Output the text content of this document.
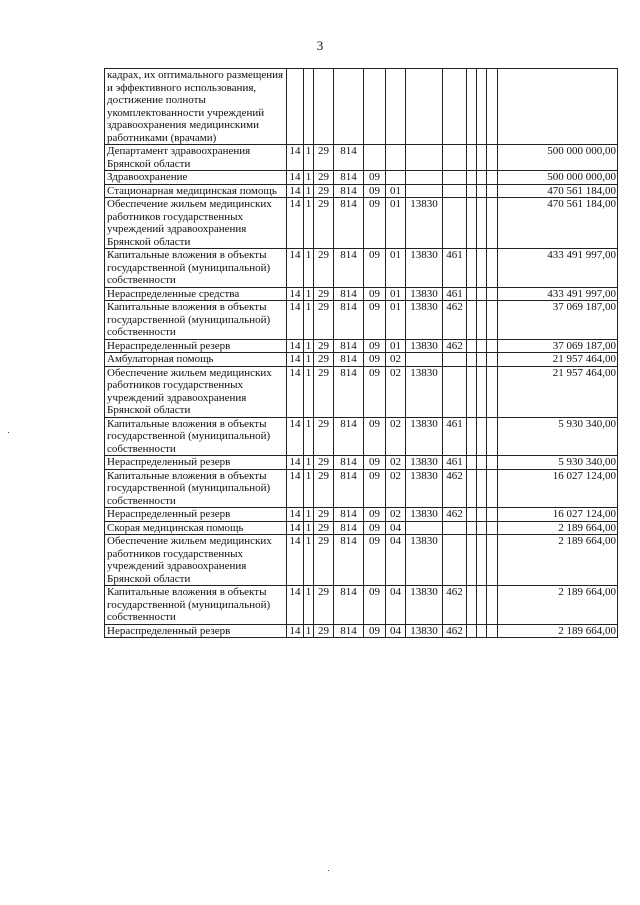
3
кадрах, их оптимального размещения и эффективного использования, достижение полноты укомплектованности учреждений здравоохранения медицинскими работниками (врачами)												
Департамент здравоохранения Брянской области	14	1	29	814								500 000 000,00
Здравоохранение	14	1	29	814	09							500 000 000,00
Стационарная медицинская помощь	14	1	29	814	09	01						470 561 184,00
Обеспечение жильем медицинских работников государственных учреждений здравоохранения Брянской области	14	1	29	814	09	01	13830					470 561 184,00
Капитальные вложения в объекты государственной (муниципальной) собственности	14	1	29	814	09	01	13830	461				433 491 997,00
Нераспределенные средства	14	1	29	814	09	01	13830	461				433 491 997,00
Капитальные вложения в объекты государственной (муниципальной) собственности	14	1	29	814	09	01	13830	462				37 069 187,00
Нераспределенный резерв	14	1	29	814	09	01	13830	462				37 069 187,00
Амбулаторная помощь	14	1	29	814	09	02						21 957 464,00
Обеспечение жильем медицинских работников государственных учреждений здравоохранения Брянской области	14	1	29	814	09	02	13830					21 957 464,00
Капитальные вложения в объекты государственной (муниципальной) собственности	14	1	29	814	09	02	13830	461				5 930 340,00
Нераспределенный резерв	14	1	29	814	09	02	13830	461				5 930 340,00
Капитальные вложения в объекты государственной (муниципальной) собственности	14	1	29	814	09	02	13830	462				16 027 124,00
Нераспределенный резерв	14	1	29	814	09	02	13830	462				16 027 124,00
Скорая медицинская помощь	14	1	29	814	09	04						2 189 664,00
Обеспечение жильем медицинских работников государственных учреждений здравоохранения Брянской области	14	1	29	814	09	04	13830					2 189 664,00
Капитальные вложения в объекты государственной (муниципальной) собственности	14	1	29	814	09	04	13830	462				2 189 664,00
Нераспределенный резерв	14	1	29	814	09	04	13830	462				2 189 664,00
